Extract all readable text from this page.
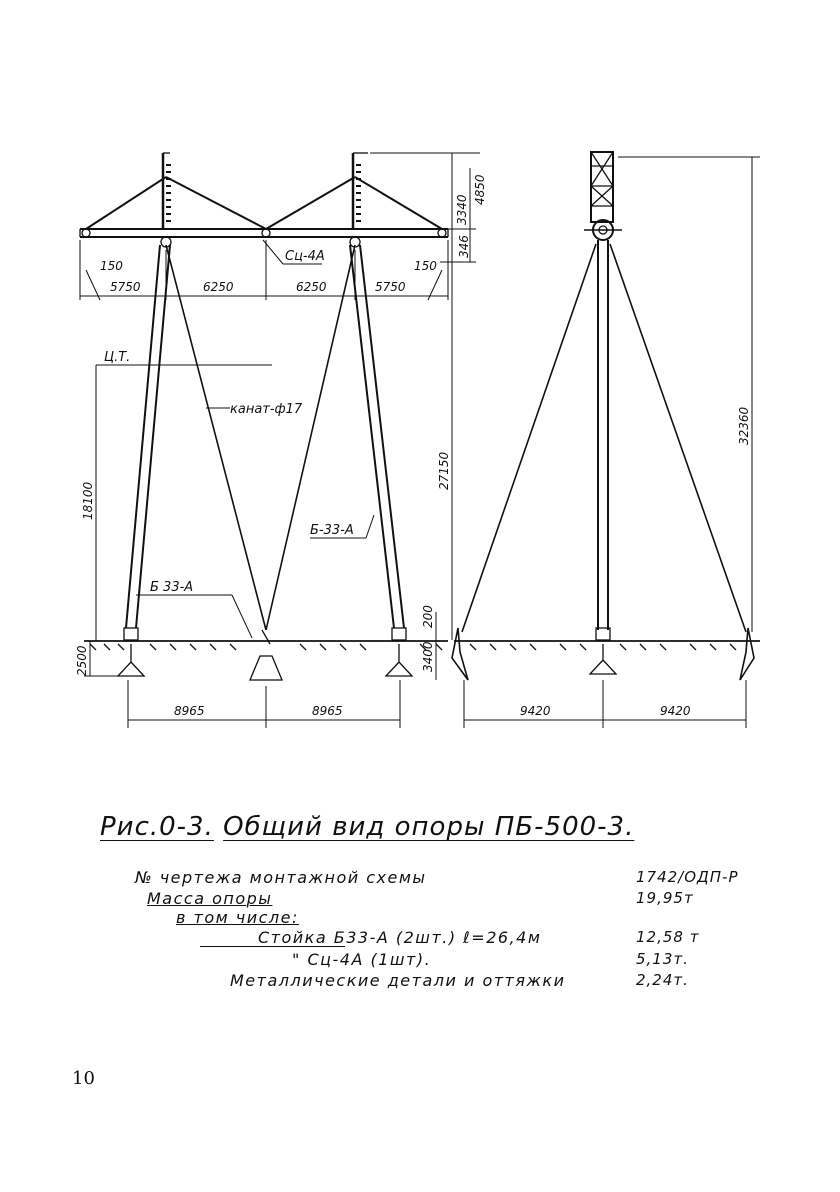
150
5750	6250	6250	5750
150
3340
4850
346
27150
200
3400
18100
2500
8965	8965
32360
9420	9420
Сц-4А
Ц.Т.
канат-ф17
Б-33-А
Б 33-А
Рис.0-3. Общий вид опоры ПБ-500-3.
№ чертежа монтажной схемы	1742/ОДП-Р
Масса опоры	19,95т
в том числе:
Стойка Б33-А (2шт.) ℓ=26,4м	12,58 т
" Сц-4А (1шт).	5,13т.
Металлические детали и оттяжки	2,24т.
10
